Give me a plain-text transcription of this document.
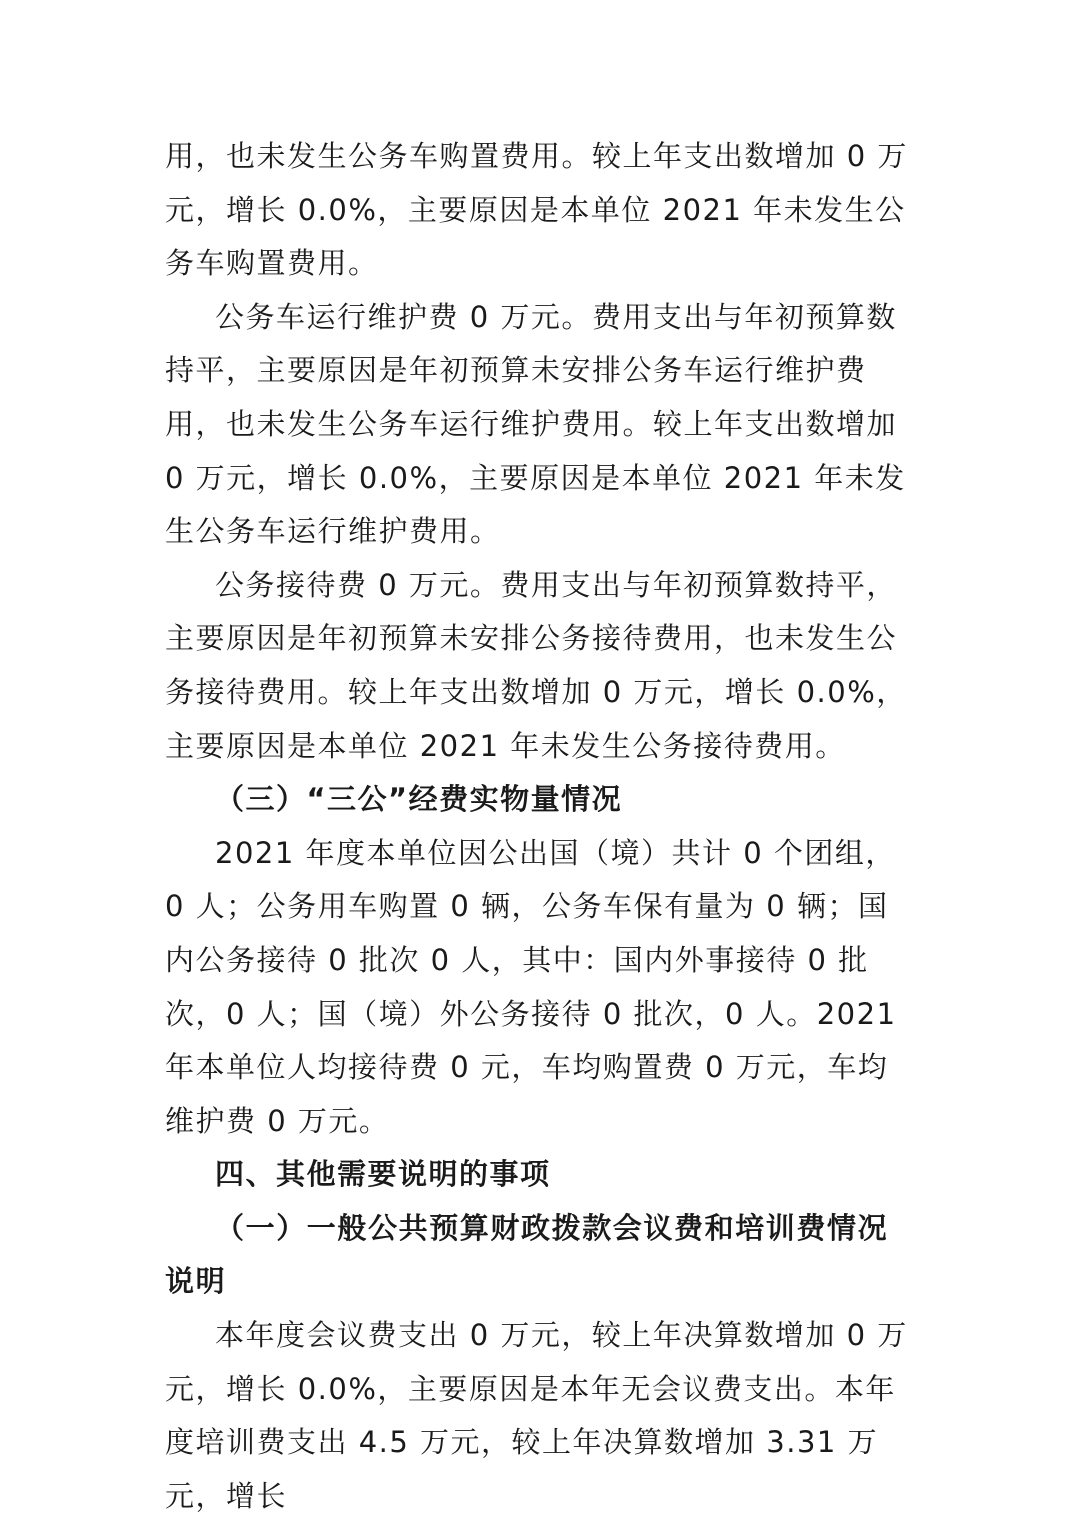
用，也未发生公务车购置费用。较上年支出数增加 0 万元，增长 0.0%，主要原因是本单位 2021 年未发生公务车购置费用。

公务车运行维护费 0 万元。费用支出与年初预算数持平，主要原因是年初预算未安排公务车运行维护费用，也未发生公务车运行维护费用。较上年支出数增加 0 万元，增长 0.0%，主要原因是本单位 2021 年未发生公务车运行维护费用。

公务接待费 0 万元。费用支出与年初预算数持平，主要原因是年初预算未安排公务接待费用，也未发生公务接待费用。较上年支出数增加 0 万元，增长 0.0%，主要原因是本单位 2021 年未发生公务接待费用。

（三）“三公”经费实物量情况

2021 年度本单位因公出国（境）共计 0 个团组，0 人；公务用车购置 0 辆，公务车保有量为 0 辆；国内公务接待 0 批次 0 人，其中：国内外事接待 0 批次，0 人；国（境）外公务接待 0 批次，0 人。2021 年本单位人均接待费 0 元，车均购置费 0 万元，车均维护费 0 万元。

四、其他需要说明的事项

（一）一般公共预算财政拨款会议费和培训费情况说明

本年度会议费支出 0 万元，较上年决算数增加 0 万元，增长 0.0%，主要原因是本年无会议费支出。本年度培训费支出 4.5 万元，较上年决算数增加 3.31 万元，增长
